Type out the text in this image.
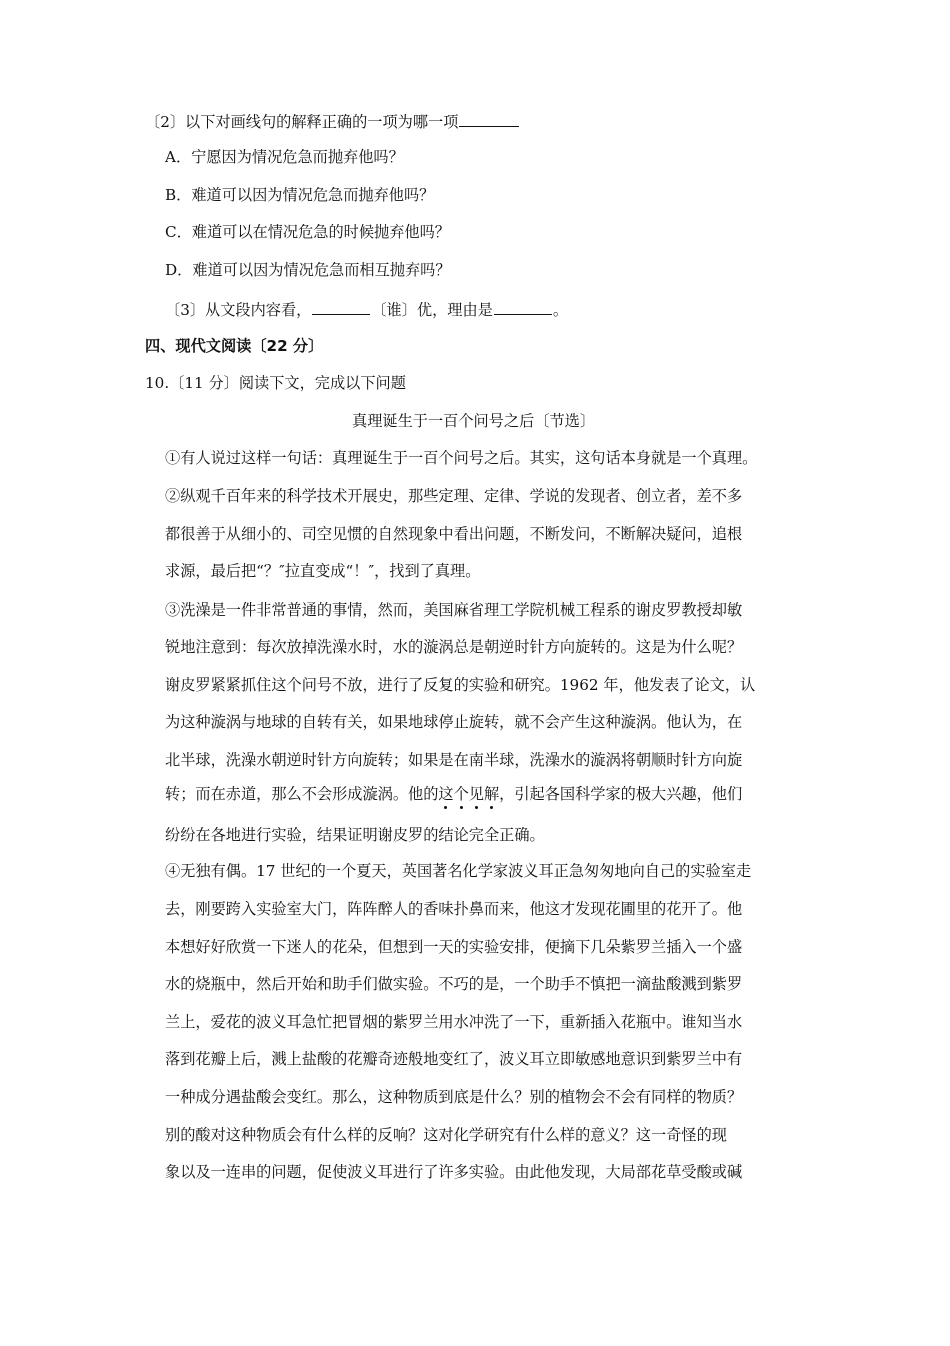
〔2〕以下对画线句的解释正确的一项为哪一项
A．宁愿因为情况危急而抛弃他吗？
B．难道可以因为情况危急而抛弃他吗？
C．难道可以在情况危急的时候抛弃他吗？
D．难道可以因为情况危急而相互抛弃吗？
〔3〕从文段内容看，	〔谁〕优，理由是	。
四、现代文阅读〔22 分〕
10.〔11 分〕阅读下文，完成以下问题
真理诞生于一百个问号之后〔节选〕
①有人说过这样一句话：真理诞生于一百个问号之后。其实，这句话本身就是一个真理。
②纵观千百年来的科学技术开展史，那些定理、定律、学说的发现者、创立者，差不多
都很善于从细小的、司空见惯的自然现象中看出问题，不断发问，不断解决疑问，追根
求源，最后把“？″拉直变成“！″，找到了真理。
③洗澡是一件非常普通的事情，然而，美国麻省理工学院机械工程系的谢皮罗教授却敏
锐地注意到：每次放掉洗澡水时，水的漩涡总是朝逆时针方向旋转的。这是为什么呢？
谢皮罗紧紧抓住这个问号不放，进行了反复的实验和研究。1962 年，他发表了论文，认
为这种漩涡与地球的自转有关，如果地球停止旋转，就不会产生这种漩涡。他认为，在
北半球，洗澡水朝逆时针方向旋转；如果是在南半球，洗澡水的漩涡将朝顺时针方向旋
转；而在赤道，那么不会形成漩涡。他的这个见解，引起各国科学家的极大兴趣，他们
纷纷在各地进行实验，结果证明谢皮罗的结论完全正确。
④无独有偶。17 世纪的一个夏天，英国著名化学家波义耳正急匆匆地向自己的实验室走
去，刚要跨入实验室大门，阵阵醉人的香味扑鼻而来，他这才发现花圃里的花开了。他
本想好好欣赏一下迷人的花朵，但想到一天的实验安排，便摘下几朵紫罗兰插入一个盛
水的烧瓶中，然后开始和助手们做实验。不巧的是，一个助手不慎把一滴盐酸溅到紫罗
兰上，爱花的波义耳急忙把冒烟的紫罗兰用水冲洗了一下，重新插入花瓶中。谁知当水
落到花瓣上后，溅上盐酸的花瓣奇迹般地变红了，波义耳立即敏感地意识到紫罗兰中有
一种成分遇盐酸会变红。那么，这种物质到底是什么？别的植物会不会有同样的物质？
别的酸对这种物质会有什么样的反响？这对化学研究有什么样的意义？这一奇怪的现
象以及一连串的问题，促使波义耳进行了许多实验。由此他发现，大局部花草受酸或碱
